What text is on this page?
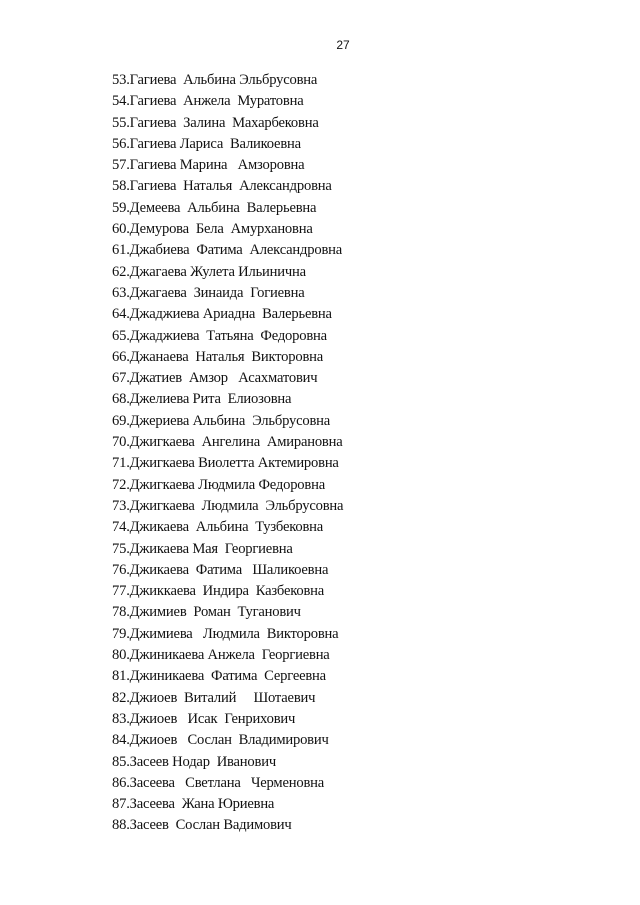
27
53.Гагиева  Альбина Эльбрусовна
54.Гагиева  Анжела  Муратовна
55.Гагиева  Залина  Махарбековна
56.Гагиева Лариса  Валикоевна
57.Гагиева Марина   Амзоровна
58.Гагиева  Наталья  Александровна
59.Демеева  Альбина  Валерьевна
60.Демурова  Бела  Амурхановна
61.Джабиева  Фатима  Александровна
62.Джагаева Жулета Ильинична
63.Джагаева  Зинаида  Гогиевна
64.Джаджиева Ариадна  Валерьевна
65.Джаджиева  Татьяна  Федоровна
66.Джанаева  Наталья  Викторовна
67.Джатиев  Амзор   Асахматович
68.Джелиева Рита  Елиозовна
69.Джериева Альбина  Эльбрусовна
70.Джигкаева  Ангелина  Амирановна
71.Джигкаева Виолетта Актемировна
72.Джигкаева Людмила Федоровна
73.Джигкаева  Людмила  Эльбрусовна
74.Джикаева  Альбина  Тузбековна
75.Джикаева Мая  Георгиевна
76.Джикаева  Фатима   Шаликоевна
77.Джиккаева  Индира  Казбековна
78.Джимиев  Роман  Туганович
79.Джимиева   Людмила  Викторовна
80.Джиникаева Анжела  Георгиевна
81.Джиникаева  Фатима  Сергеевна
82.Джиоев  Виталий     Шотаевич
83.Джиоев   Исак  Генрихович
84.Джиоев   Сослан  Владимирович
85.Засеев Нодар  Иванович
86.Засеева   Светлана   Черменовна
87.Засеева  Жана Юриевна
88.Засеев  Сослан Вадимович
